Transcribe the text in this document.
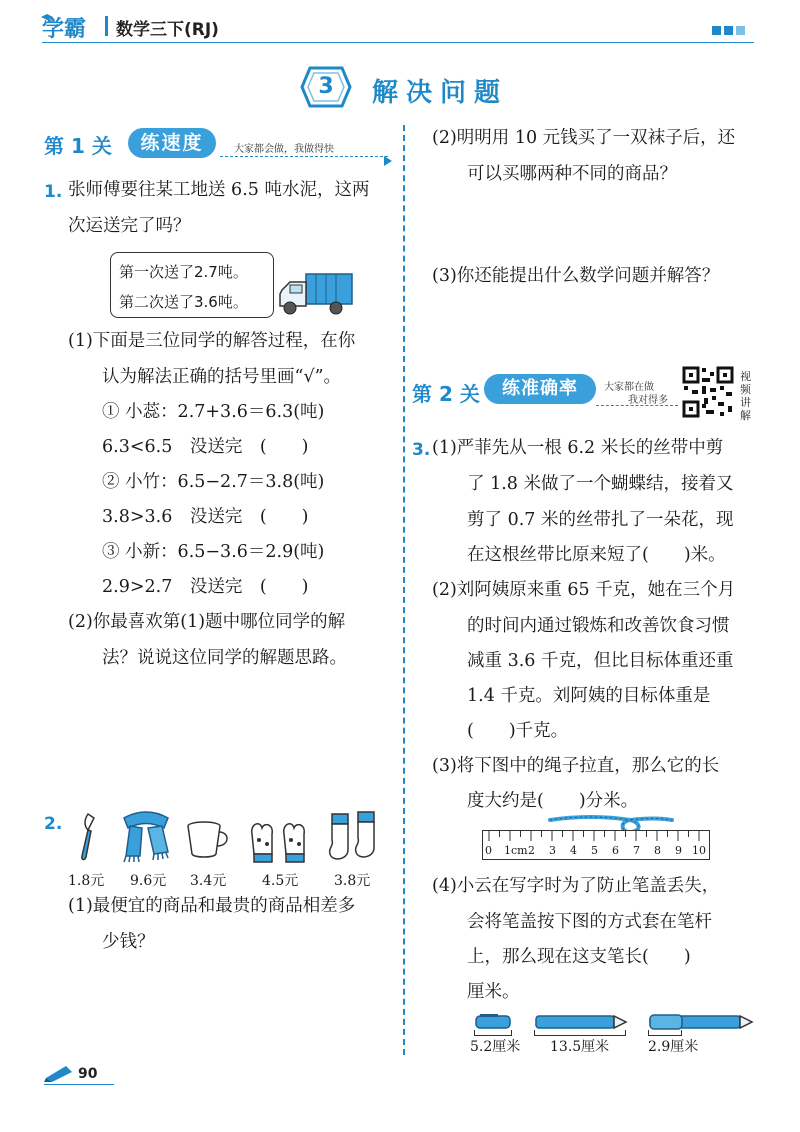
学霸 数学三下(RJ)
3	解决问题
第 1 关	练速度	大家都会做，我做得快
1. 张师傅要往某工地送 6.5 吨水泥，这两
次运送完了吗？
第一次送了2.7吨。
第二次送了3.6吨。
(1)下面是三位同学的解答过程，在你
认为解法正确的括号里画“√”。
① 小蕊：2.7+3.6＝6.3(吨)
6.3<6.5　没送完　(　　)
② 小竹：6.5−2.7＝3.8(吨)
3.8>3.6　没送完　(　　)
③ 小新：6.5−3.6＝2.9(吨)
2.9>2.7　没送完　(　　)
(2)你最喜欢第(1)题中哪位同学的解
法？说说这位同学的解题思路。
2.
1.8元 9.6元 3.4元	4.5元	3.8元
(1)最便宜的商品和最贵的商品相差多
少钱？
(2)明明用 10 元钱买了一双袜子后，还
可以买哪两种不同的商品？
(3)你还能提出什么数学问题并解答？
第 2 关	练准确率	大家都在做
我对得多
视
频
讲
解
3. (1)严菲先从一根 6.2 米长的丝带中剪
了 1.8 米做了一个蝴蝶结，接着又
剪了 0.7 米的丝带扎了一朵花，现
在这根丝带比原来短了(　　)米。
(2)刘阿姨原来重 65 千克，她在三个月
的时间内通过锻炼和改善饮食习惯
减重 3.6 千克，但比目标体重还重
1.4 千克。刘阿姨的目标体重是
(　　)千克。
(3)将下图中的绳子拉直，那么它的长
度大约是(　　)分米。
0 1cm 2 3 4 5 6 7 8 9 10
(4)小云在写字时为了防止笔盖丢失，
会将笔盖按下图的方式套在笔杆
上，那么现在这支笔长(　　)
厘米。
5.2厘米 13.5厘米	2.9厘米
90
